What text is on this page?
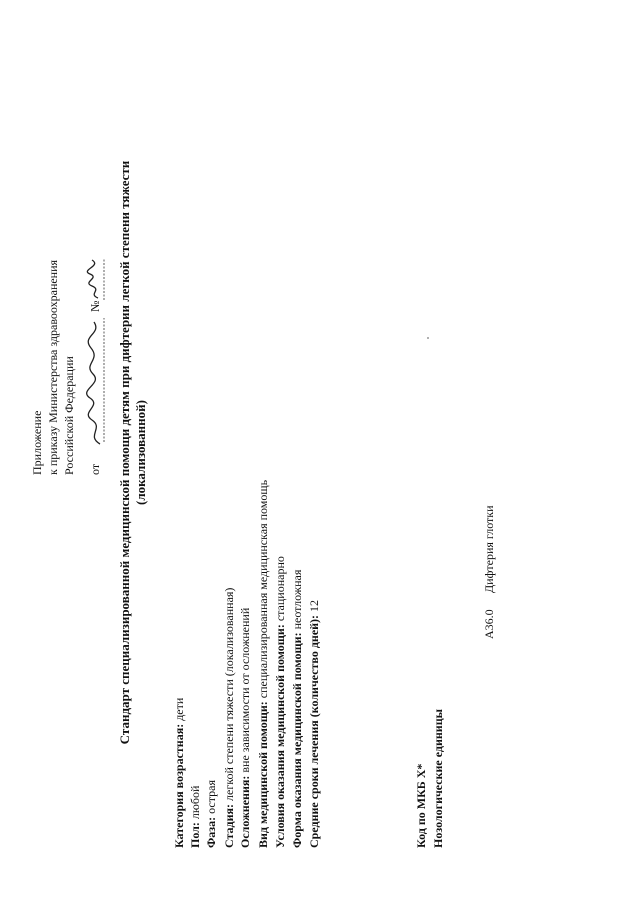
Приложение к приказу Министерства здравоохранения Российской Федерации от
№ Стандарт специализированной медицинской помощи детям при дифтерии легкой степени тяжести (локализованной)
Категория возрастная: дети
Пол: любой
Фаза: острая
Стадия: легкой степени тяжести (локализованная)
Осложнения: вне зависимости от осложнений Вид медицинской помощи: специализированная медицинская помощь
Условия оказания медицинской помощи: стационарно
Форма оказания медицинской помощи: неотложная
Средние сроки лечения (количество дней): 12
Код по МКБ X* Нозологические единицы
A36.0
Дифтерия глотки
